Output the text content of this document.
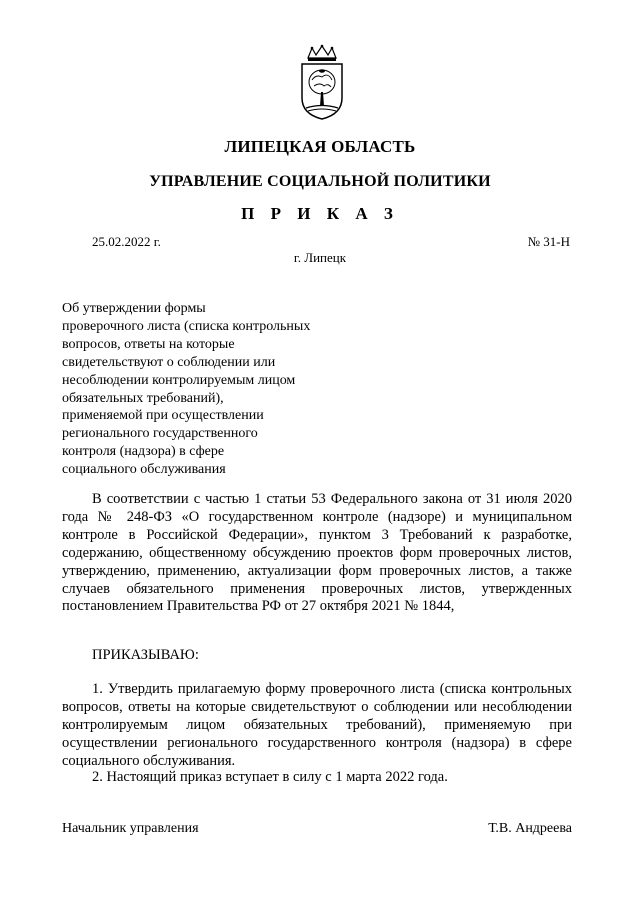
ЛИПЕЦКАЯ ОБЛАСТЬ
УПРАВЛЕНИЕ СОЦИАЛЬНОЙ ПОЛИТИКИ
П Р И К А З
25.02.2022 г.	№ 31-Н
г. Липецк
Об утверждении формы
проверочного листа (списка контрольных
вопросов, ответы на которые
свидетельствуют о соблюдении или
несоблюдении контролируемым лицом
обязательных требований),
применяемой при осуществлении
регионального государственного
контроля (надзора) в сфере
социального обслуживания
В соответствии с частью 1 статьи 53 Федерального закона от 31 июля 2020 года № 248-ФЗ «О государственном контроле (надзоре) и муниципальном контроле в Российской Федерации», пунктом 3 Требований к разработке, содержанию, общественному обсуждению проектов форм проверочных листов, утверждению, применению, актуализации форм проверочных листов, а также случаев обязательного применения проверочных листов, утвержденных постановлением Правительства РФ от 27 октября 2021 № 1844,
ПРИКАЗЫВАЮ:
1. Утвердить прилагаемую форму проверочного листа (списка контрольных вопросов, ответы на которые свидетельствуют о соблюдении или несоблюдении контролируемым лицом обязательных требований), применяемую при осуществлении регионального государственного контроля (надзора) в сфере социального обслуживания.
2. Настоящий приказ вступает в силу с 1 марта 2022 года.
Начальник управления	Т.В. Андреева
